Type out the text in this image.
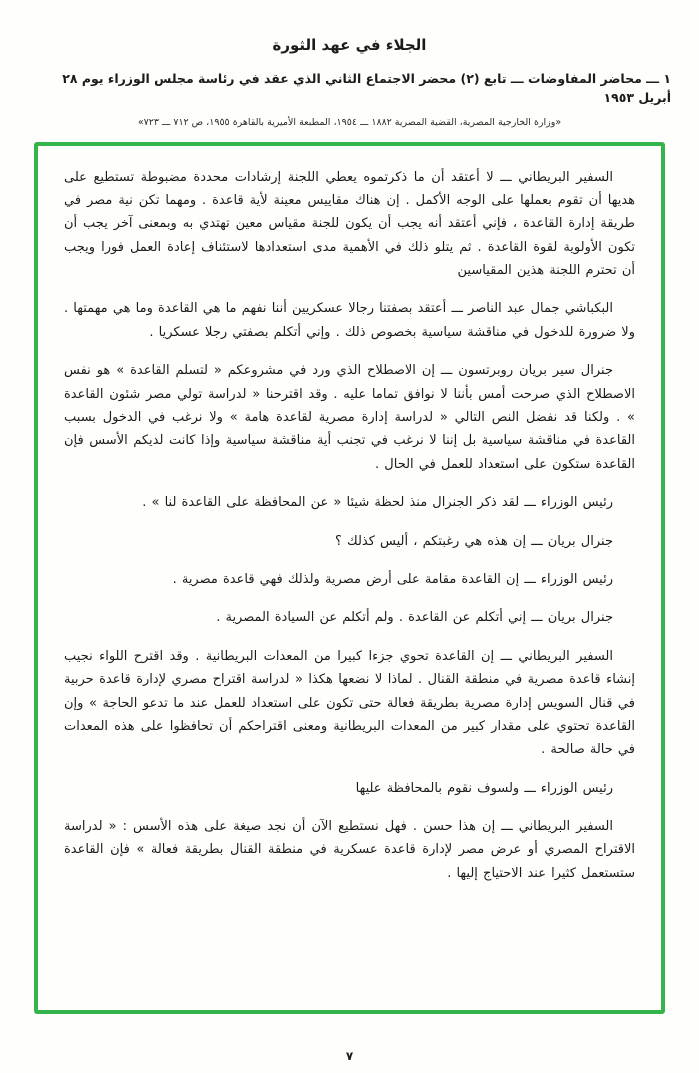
الجلاء في عهد الثورة
١ ـــ محاضر المفاوضات ـــ تابع (٢) محضر الاجتماع الثاني الذي عقد في رئاسة مجلس الوزراء يوم ٢٨ أبريل ١٩٥٣
«وزارة الخارجية المصرية، القضية المصرية ١٨٨٢ ـــ ١٩٥٤، المطبعة الأميرية بالقاهرة ١٩٥٥، ص ٧١٢ ـــ ٧٢٣»

السفير البريطاني ـــ لا أعتقد أن ما ذكرتموه يعطي اللجنة إرشادات محددة مضبوطة تستطيع على هديها أن تقوم بعملها على الوجه الأكمل . إن هناك مقاييس معينة لأية قاعدة . ومهما تكن نية مصر في طريقة إدارة القاعدة ، فإني أعتقد أنه يجب أن يكون للجنة مقياس معين تهتدي به وبمعنى آخر يجب أن تكون الأولوية لقوة القاعدة . ثم يتلو ذلك في الأهمية مدى استعدادها لاستئناف إعادة العمل فورا ويجب أن تحترم اللجنة هذين المقياسين

البكباشي جمال عبد الناصر ـــ أعتقد بصفتنا رجالا عسكريين أننا نفهم ما هي القاعدة وما هي مهمتها . ولا ضرورة للدخول في مناقشة سياسية بخصوص ذلك . وإني أتكلم بصفتي رجلا عسكريا .

جنرال سير بريان روبرتسون ـــ إن الاصطلاح الذي ورد في مشروعكم « لتسلم القاعدة » هو نفس الاصطلاح الذي صرحت أمس بأننا لا نوافق تماما عليه . وقد اقترحنا « لدراسة تولي مصر شئون القاعدة » . ولكنا قد نفضل النص التالي « لدراسة إدارة مصرية لقاعدة هامة » ولا نرغب في الدخول بسبب القاعدة في مناقشة سياسية بل إننا لا نرغب في تجنب أية مناقشة سياسية وإذا كانت لديكم الأسس فإن القاعدة ستكون على استعداد للعمل في الحال .

رئيس الوزراء ـــ لقد ذكر الجنرال منذ لحظة شيئا « عن المحافظة على القاعدة لنا » .

جنرال بريان ـــ إن هذه هي رغبتكم ، أليس كذلك ؟

رئيس الوزراء ـــ إن القاعدة مقامة على أرض مصرية ولذلك فهي قاعدة مصرية .

جنرال بريان ـــ إني أتكلم عن القاعدة . ولم أتكلم عن السيادة المصرية .

السفير البريطاني ـــ إن القاعدة تحوي جزءا كبيرا من المعدات البريطانية . وقد اقترح اللواء نجيب إنشاء قاعدة مصرية في منطقة القنال . لماذا لا نضعها هكذا « لدراسة اقتراح مصري لإدارة قاعدة حربية في قنال السويس إدارة مصرية بطريقة فعالة حتى تكون على استعداد للعمل عند ما تدعو الحاجة » وإن القاعدة تحتوي على مقدار كبير من المعدات البريطانية ومعنى اقتراحكم أن تحافظوا على هذه المعدات في حالة صالحة .

رئيس الوزراء ـــ ولسوف نقوم بالمحافظة عليها

السفير البريطاني ـــ إن هذا حسن . فهل نستطيع الآن أن نجد صيغة على هذه الأسس : « لدراسة الاقتراح المصري أو عرض مصر لإدارة قاعدة عسكرية في منطقة القنال بطريقة فعالة » فإن القاعدة ستستعمل كثيرا عند الاحتياج إليها .

٧
